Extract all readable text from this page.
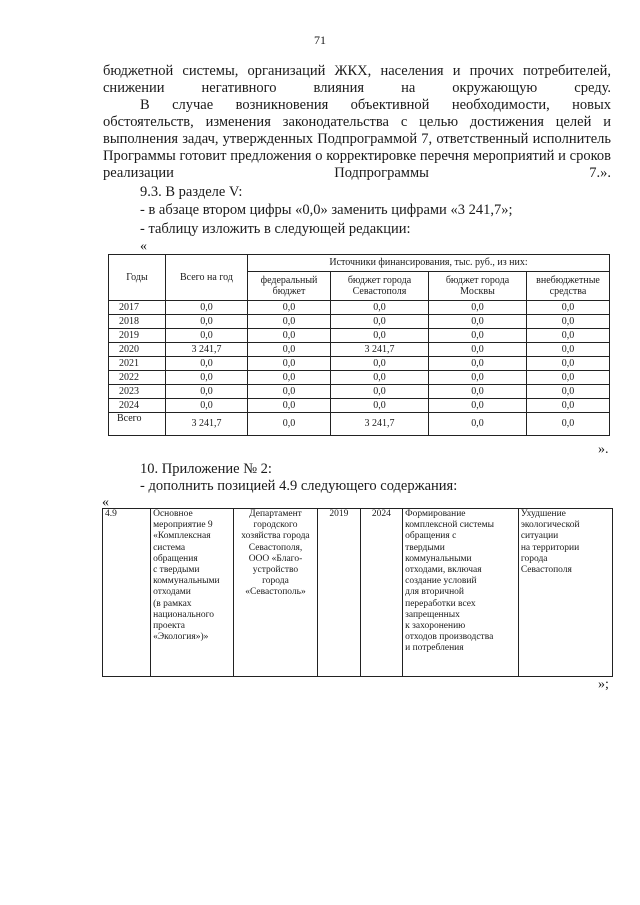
71
бюджетной системы, организаций ЖКХ, населения и прочих потребителей, снижении негативного влияния на окружающую среду.
В случае возникновения объективной необходимости, новых обстоятельств, изменения законодательства с целью достижения целей и выполнения задач, утвержденных Подпрограммой 7, ответственный исполнитель Программы готовит предложения о корректировке перечня мероприятий и сроков реализации Подпрограммы 7.».
9.3. В разделе V:
- в абзаце втором цифры «0,0» заменить цифрами «3 241,7»;
- таблицу изложить в следующей редакции:
«
Годы	Всего на год	Источники финансирования, тыс. руб., из них:			
		федеральный бюджет	бюджет города Севастополя	бюджет города Москвы	внебюджетные средства
2017	0,0	0,0	0,0	0,0	0,0
2018	0,0	0,0	0,0	0,0	0,0
2019	0,0	0,0	0,0	0,0	0,0
2020	3 241,7	0,0	3 241,7	0,0	0,0
2021	0,0	0,0	0,0	0,0	0,0
2022	0,0	0,0	0,0	0,0	0,0
2023	0,0	0,0	0,0	0,0	0,0
2024	0,0	0,0	0,0	0,0	0,0
Всего	3 241,7	0,0	3 241,7	0,0	0,0
».
10. Приложение № 2:
- дополнить позицией 4.9 следующего содержания:
«
4.9	Основное
мероприятие 9
«Комплексная
система
обращения
с твердыми
коммунальными
отходами
(в рамках
национального
проекта
«Экология»)»

Департамент
городского
хозяйства города
Севастополя,
ООО «Благо-
устройство
города
«Севастополь»

2019	2024	Формирование
комплексной системы
обращения с
твердыми
коммунальными
отходами, включая
создание условий
для вторичной
переработки всех
запрещенных
к захоронению
отходов производства
и потребления

Ухудшение
экологической
ситуации
на территории
города
Севастополя
»;
